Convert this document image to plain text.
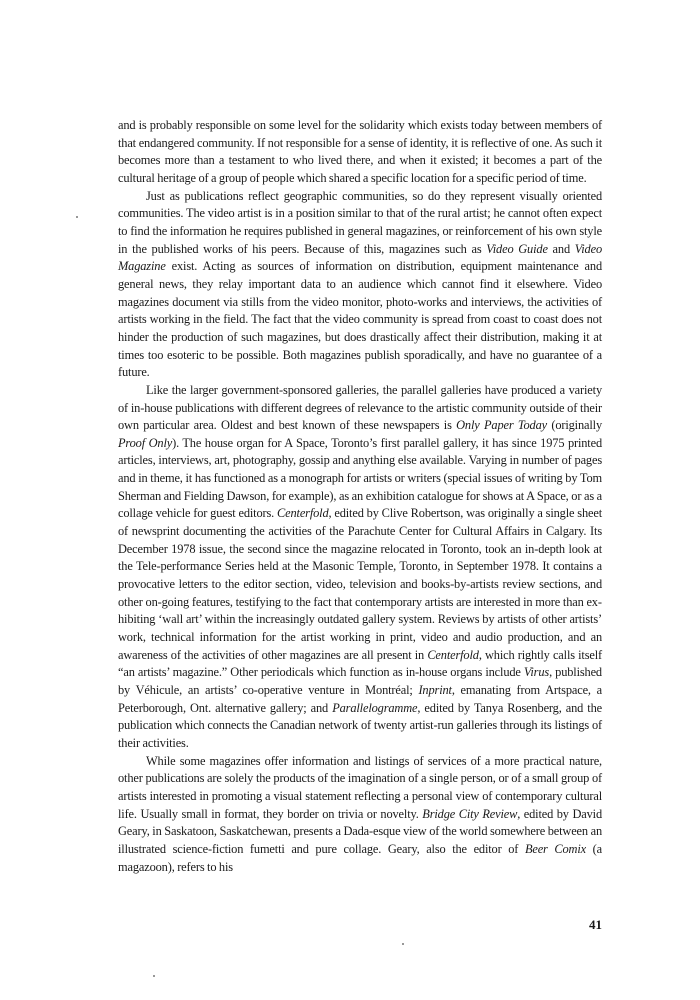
and is probably responsible on some level for the solidarity which exists today between members of that endangered community. If not responsible for a sense of identity, it is reflective of one. As such it becomes more than a testament to who lived there, and when it existed; it becomes a part of the cultural heritage of a group of people which shared a specific location for a specific period of time.

Just as publications reflect geographic communities, so do they represent visually oriented communities. The video artist is in a position similar to that of the rural artist; he cannot often expect to find the information he requires published in general magazines, or reinforcement of his own style in the published works of his peers. Because of this, magazines such as Video Guide and Video Magazine exist. Acting as sources of information on distribution, equipment maintenance and general news, they relay important data to an audience which cannot find it elsewhere. Video magazines document via stills from the video monitor, photo-works and interviews, the activities of artists working in the field. The fact that the video community is spread from coast to coast does not hinder the production of such magazines, but does drastically affect their distribution, making it at times too esoteric to be possible. Both magazines publish sporadically, and have no guarantee of a future.

Like the larger government-sponsored galleries, the parallel galleries have produced a variety of in-house publications with different degrees of relevance to the artistic community outside of their own particular area. Oldest and best known of these newspapers is Only Paper Today (originally Proof Only). The house organ for A Space, Toronto’s first parallel gallery, it has since 1975 printed articles, interviews, art, photography, gossip and anything else available. Varying in number of pages and in theme, it has functioned as a monograph for artists or writers (special issues of writing by Tom Sherman and Fielding Dawson, for example), as an exhibition catalogue for shows at A Space, or as a collage vehicle for guest editors. Centerfold, edited by Clive Robertson, was originally a single sheet of newsprint documenting the activities of the Parachute Center for Cultural Affairs in Calgary. Its December 1978 issue, the second since the magazine relocated in Toronto, took an in-depth look at the Tele-performance Series held at the Masonic Temple, Toronto, in September 1978. It contains a provocative letters to the editor section, video, television and books-by-artists review sections, and other on-going features, testifying to the fact that contemporary artists are interested in more than exhibiting ‘wall art’ within the increasingly outdated gallery system. Reviews by artists of other artists’ work, technical information for the artist working in print, video and audio production, and an awareness of the activities of other magazines are all present in Centerfold, which rightly calls itself “an artists’ magazine.” Other periodicals which function as in-house organs include Virus, published by Véhicule, an artists’ co-operative venture in Montréal; Inprint, emanating from Artspace, a Peterborough, Ont. alternative gallery; and Parallelogramme, edited by Tanya Rosenberg, and the publication which connects the Canadian network of twenty artist-run galleries through its listings of their activities.

While some magazines offer information and listings of services of a more practical nature, other publications are solely the products of the imagination of a single person, or of a small group of artists interested in promoting a visual statement reflecting a personal view of contemporary cultural life. Usually small in format, they border on trivia or novelty. Bridge City Review, edited by David Geary, in Saskatoon, Saskatchewan, presents a Dada-esque view of the world somewhere between an illustrated science-fiction fumetti and pure collage. Geary, also the editor of Beer Comix (a magazoon), refers to his

41
